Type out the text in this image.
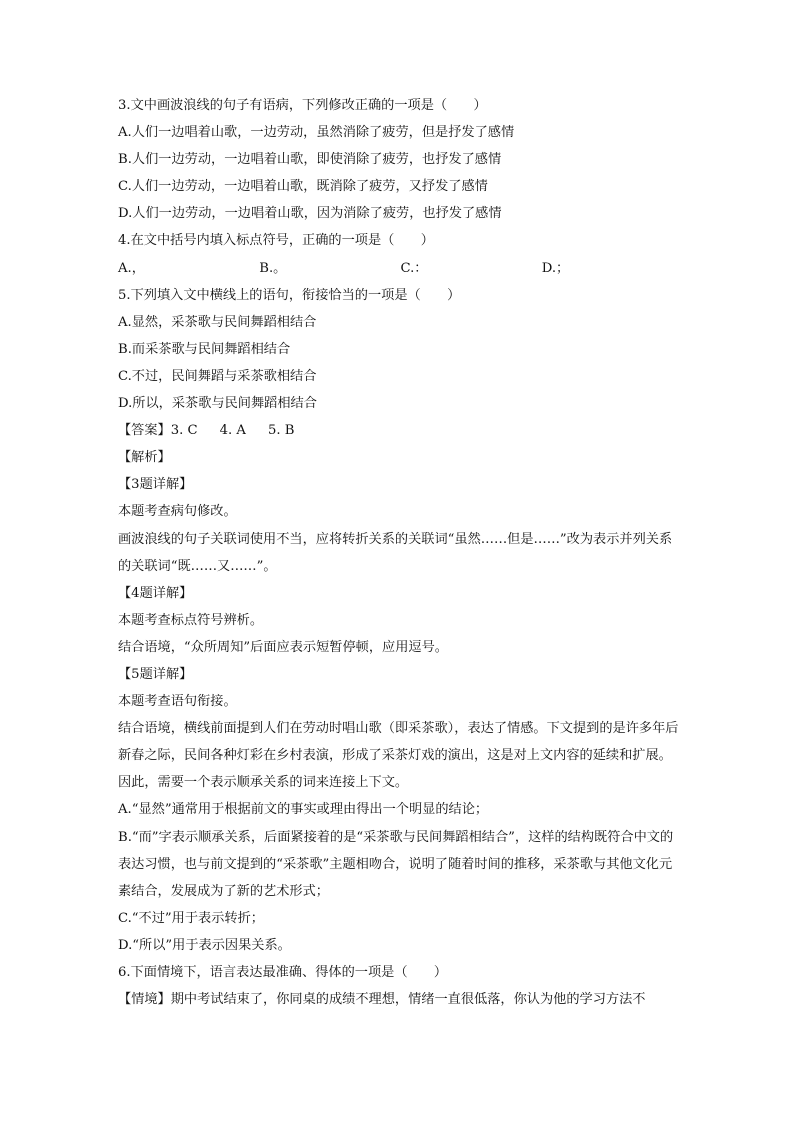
3.文中画波浪线的句子有语病，下列修改正确的一项是（　　）
A.人们一边唱着山歌，一边劳动，虽然消除了疲劳，但是抒发了感情
B.人们一边劳动，一边唱着山歌，即使消除了疲劳，也抒发了感情
C.人们一边劳动，一边唱着山歌，既消除了疲劳，又抒发了感情
D.人们一边劳动，一边唱着山歌，因为消除了疲劳，也抒发了感情
4.在文中括号内填入标点符号，正确的一项是（　　）
A.，	B.。	C.：	D.；
5.下列填入文中横线上的语句，衔接恰当的一项是（　　）
A.显然，采茶歌与民间舞蹈相结合
B.而采茶歌与民间舞蹈相结合
C.不过，民间舞蹈与采茶歌相结合
D.所以，采茶歌与民间舞蹈相结合
【答案】3. C 4. A 5. B
【解析】
【3题详解】
本题考查病句修改。
画波浪线的句子关联词使用不当，应将转折关系的关联词“虽然……但是……”改为表示并列关系的关联词“既……又……”。
【4题详解】
本题考查标点符号辨析。
结合语境，“众所周知”后面应表示短暂停顿，应用逗号。
【5题详解】
本题考查语句衔接。
结合语境，横线前面提到人们在劳动时唱山歌（即采茶歌），表达了情感。下文提到的是许多年后新春之际，民间各种灯彩在乡村表演，形成了采茶灯戏的演出，这是对上文内容的延续和扩展。因此，需要一个表示顺承关系的词来连接上下文。
A.“显然”通常用于根据前文的事实或理由得出一个明显的结论；
B.“而”字表示顺承关系，后面紧接着的是“采茶歌与民间舞蹈相结合”，这样的结构既符合中文的表达习惯，也与前文提到的“采茶歌”主题相吻合，说明了随着时间的推移，采茶歌与其他文化元素结合，发展成为了新的艺术形式；
C.“不过”用于表示转折；
D.“所以”用于表示因果关系。
6.下面情境下，语言表达最准确、得体的一项是（　　）
【情境】期中考试结束了，你同桌的成绩不理想，情绪一直很低落，你认为他的学习方法不
